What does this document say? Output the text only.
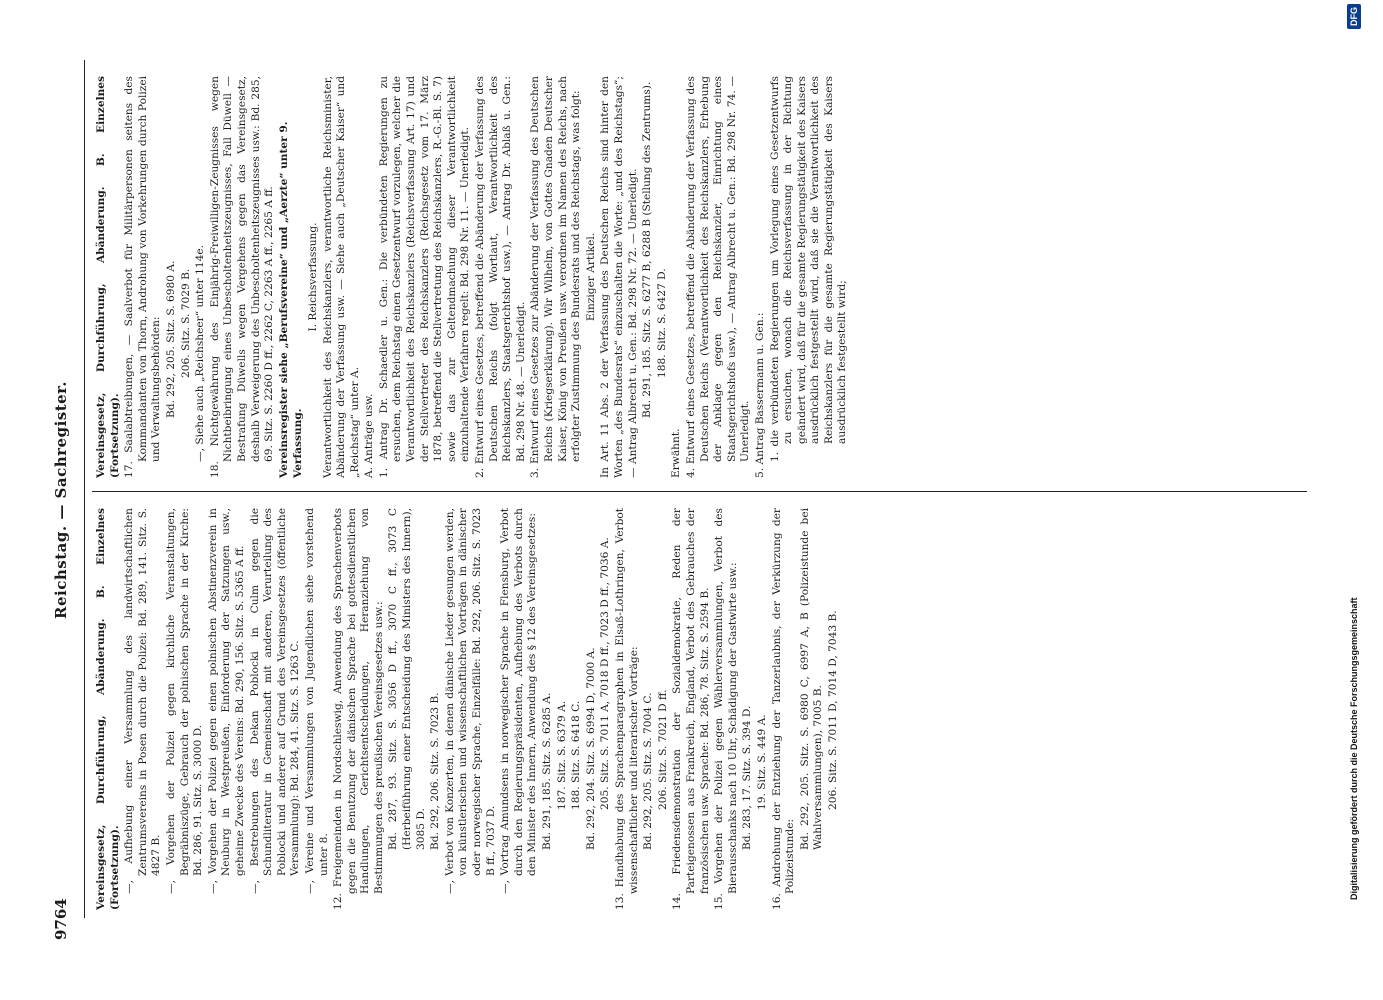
9764
Reichstag. — Sachregister.
Vereinsgesetz, Durchführung, Abänderung. B. Einzelnes (Fortsetzung). —, Aufhebung einer Versammlung des landwirtschaftlichen Zentrumsvereins in Posen durch die Polizei: Bd. 289, 141. Sitz. S. 4827 B. —, Vorgehen der Polizei gegen kirchliche Veranstaltungen, Begräbniszüge, Gebrauch der polnischen Sprache in der Kirche: Bd. 286, 91. Sitz. S. 3000 D. —, Vorgehen der Polizei gegen einen polnischen Abstinenzverein in Neuburg in Westpreußen, Einforderung der Satzungen usw., geheime Zwecke des Vereins: Bd. 290, 156. Sitz. S. 5365 A ff. —, Bestrebungen des Dekan Poblocki in Culm gegen die Schundliteratur in Gemeinschaft mit anderen, Verurteilung des Poblocki und anderer auf Grund des Vereinsgesetzes (öffentliche Versammlung): Bd. 284, 41. Sitz. S. 1263 C. —, Vereine und Versammlungen von Jugendlichen siehe vorstehend unter 8. 12. Freigemeinden in Nordschleswig, Anwendung des Sprachenverbots gegen die Benutzung der dänischen Sprache bei gottesdienstlichen Handlungen, Gerichtsentscheidungen, Heranziehung von Bestimmungen des preußischen Vereinsgesetzes usw.: Bd. 287, 93. Sitz. S. 3056 D ff., 3070 C ff., 3073 C (Herbeiführung einer Entscheidung des Ministers des Innern), 3085 D. Bd. 292, 206. Sitz. S. 7023 B. —, Verbot von Konzerten, in denen dänische Lieder gesungen werden, von künstlerischen und wissenschaftlichen Vorträgen in dänischer oder norwegischer Sprache, Einzelfälle: Bd. 292, 206. Sitz. S. 7023 B ff., 7037 D. —, Vortrag Amundsens in norwegischer Sprache in Flensburg, Verbot durch den Regierungspräsidenten, Aufhebung des Verbots durch den Minister des Innern, Anwendung des § 12 des Vereinsgesetzes: Bd. 291, 185. Sitz. S. 6285 A. 187. Sitz. S. 6379 A. 188. Sitz. S. 6418 C. Bd. 292, 204. Sitz. S. 6994 D, 7000 A. 205. Sitz. S. 7011 A, 7018 D ff., 7023 D ff., 7036 A. 13. Handhabung des Sprachenparagraphen in Elsaß-Lothringen, Verbot wissenschaftlicher und literarischer Vorträge: Bd. 292, 205. Sitz. S. 7004 C. 206. Sitz. S. 7021 D ff. 14. Friedensdemonstration der Sozialdemokratie, Reden der Parteigenossen aus Frankreich, England, Verbot des Gebrauches der französischen usw. Sprache: Bd. 286, 78. Sitz. S. 2594 B. 15. Vorgehen der Polizei gegen Wählerversammlungen, Verbot des Bierausschanks nach 10 Uhr, Schädigung der Gastwirte usw.: Bd. 283, 17. Sitz. S. 394 D. 19. Sitz. S. 449 A. 16. Androhung der Entziehung der Tanzerlaubnis, der Verkürzung der Polizeistunde:
Bd. 292, 205. Sitz. S. 6980 C, 6997 A, B (Polizeistunde bei Wahlversammlungen), 7005 B. 206. Sitz. S. 7011 D, 7014 D, 7043 B.
Vereinsgesetz, Durchführung, Abänderung. B. Einzelnes (Fortsetzung). 17. Saalabtreibungen, — Saalverbot für Militärpersonen seitens des Kommandanten von Thorn, Androhung von Vorkehrungen durch Polizei und Verwaltungsbehörden: Bd. 292, 205. Sitz. S. 6980 A. 206. Sitz. S. 7029 B. —, Siehe auch „Reichsheer“ unter 114e. 18. Nichtgewährung des Einjährig-Freiwilligen-Zeugnisses wegen Nichtbeibringung eines Unbescholtenheitszeugnisses, Fall Düwell — Bestrafung Düwells wegen Vergehens gegen das Vereinsgesetz, deshalb Verweigerung des Unbescholtenheitszeugnisses usw.: Bd. 285, 69. Sitz. S. 2260 D ff., 2262 C, 2263 A ff., 2265 A ff. Vereinsregister siehe „Berufsvereine“ und „Aerzte“ unter 9. Verfassung.
I. Reichsverfassung. Verantwortlichkeit des Reichskanzlers, verantwortliche Reichsminister, Abänderung der Verfassung usw. — Siehe auch „Deutscher Kaiser“ und „Reichstag“ unter A. A. Anträge usw. 1. Antrag Dr. Schaedler u. Gen.: Die verbündeten Regierungen zu ersuchen, dem Reichstag einen Gesetzentwurf vorzulegen, welcher die Verantwortlichkeit des Reichskanzlers (Reichsverfassung Art. 17) und der Stellvertreter des Reichskanzlers (Reichsgesetz vom 17. März 1878, betreffend die Stellvertretung des Reichskanzlers, R.-G.-Bl. S. 7) sowie das zur Geltendmachung dieser Verantwortlichkeit einzuhaltende Verfahren regelt: Bd. 298 Nr. 11. — Unerledigt. 2. Entwurf eines Gesetzes, betreffend die Abänderung der Verfassung des Deutschen Reichs (folgt Wortlaut, Verantwortlichkeit des Reichskanzlers, Staatsgerichtshof usw.), — Antrag Dr. Ablaß u. Gen.: Bd. 298 Nr. 48. — Unerledigt. 3. Entwurf eines Gesetzes zur Abänderung der Verfassung des Deutschen Reichs (Kriegserklärung). Wir Wilhelm, von Gottes Gnaden Deutscher Kaiser, König von Preußen usw. verordnen im Namen des Reichs, nach erfolgter Zustimmung des Bundesrats und des Reichstags, was folgt: Einziger Artikel. In Art. 11 Abs. 2 der Verfassung des Deutschen Reichs sind hinter den Worten „des Bundesrats“ einzuschalten die Worte: „und des Reichstags“; — Antrag Albrecht u. Gen.: Bd. 298 Nr. 72. — Unerledigt. Bd. 291, 185. Sitz. S. 6277 B, 6288 B (Stellung des Zentrums). 188. Sitz. S. 6427 D.
Erwähnt. 4. Entwurf eines Gesetzes, betreffend die Abänderung der Verfassung des Deutschen Reichs (Verantwortlichkeit des Reichskanzlers, Erhebung der Anklage gegen den Reichskanzler, Einrichtung eines Staatsgerichtshofs usw.), — Antrag Albrecht u. Gen.: Bd. 298 Nr. 74. — Unerledigt. 5. Antrag Bassermann u. Gen.: 1. die verbündeten Regierungen um Vorlegung eines Gesetzentwurfs zu ersuchen, wonach die Reichsverfassung in der Richtung geändert wird, daß für die gesamte Regierungstätigkeit des Kaisers ausdrücklich festgestellt wird, daß sie die Verantwortlichkeit des Reichskanzlers für die gesamte Regierungstätigkeit des Kaisers ausdrücklich festgestellt wird;
Digitalisierung gefördert durch die Deutsche Forschungsgemeinschaft
DFG
